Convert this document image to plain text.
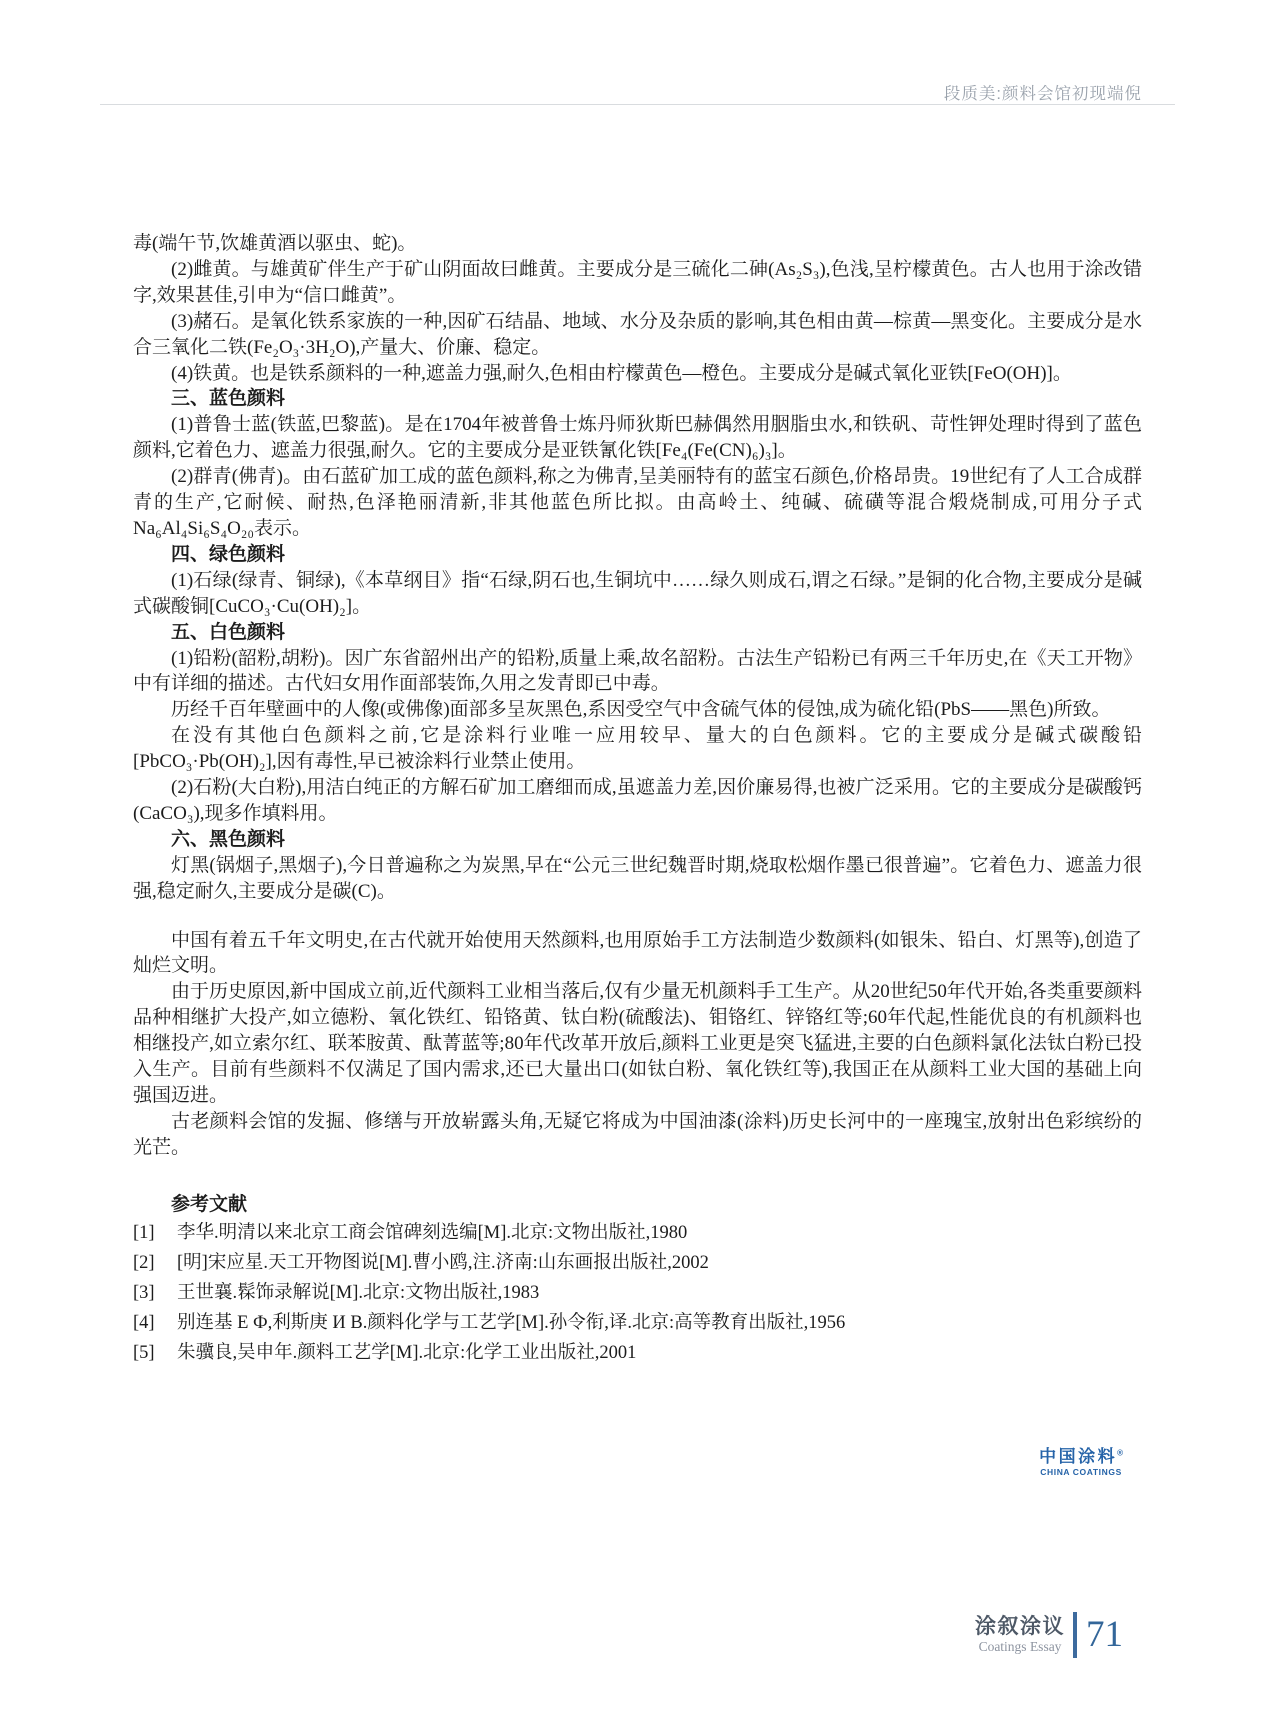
段质美:颜料会馆初现端倪

毒(端午节,饮雄黄酒以驱虫、蛇)。

(2)雌黄。与雄黄矿伴生产于矿山阴面故曰雌黄。主要成分是三硫化二砷(As₂S₃),色浅,呈柠檬黄色。古人也用于涂改错字,效果甚佳,引申为“信口雌黄”。

(3)赭石。是氧化铁系家族的一种,因矿石结晶、地域、水分及杂质的影响,其色相由黄—棕黄—黑变化。主要成分是水合三氧化二铁(Fe₂O₃·3H₂O),产量大、价廉、稳定。

(4)铁黄。也是铁系颜料的一种,遮盖力强,耐久,色相由柠檬黄色—橙色。主要成分是碱式氧化亚铁[FeO(OH)]。

三、蓝色颜料

(1)普鲁士蓝(铁蓝,巴黎蓝)。是在1704年被普鲁士炼丹师狄斯巴赫偶然用胭脂虫水,和铁矾、苛性钾处理时得到了蓝色颜料,它着色力、遮盖力很强,耐久。它的主要成分是亚铁氰化铁[Fe₄(Fe(CN)₆)₃]。

(2)群青(佛青)。由石蓝矿加工成的蓝色颜料,称之为佛青,呈美丽特有的蓝宝石颜色,价格昂贵。19世纪有了人工合成群青的生产,它耐候、耐热,色泽艳丽清新,非其他蓝色所比拟。由高岭土、纯碱、硫磺等混合煅烧制成,可用分子式Na₆Al₄Si₆S₄O₂₀表示。

四、绿色颜料

(1)石绿(绿青、铜绿),《本草纲目》指“石绿,阴石也,生铜坑中……绿久则成石,谓之石绿。”是铜的化合物,主要成分是碱式碳酸铜[CuCO₃·Cu(OH)₂]。

五、白色颜料

(1)铅粉(韶粉,胡粉)。因广东省韶州出产的铅粉,质量上乘,故名韶粉。古法生产铅粉已有两三千年历史,在《天工开物》中有详细的描述。古代妇女用作面部装饰,久用之发青即已中毒。

历经千百年壁画中的人像(或佛像)面部多呈灰黑色,系因受空气中含硫气体的侵蚀,成为硫化铅(PbS——黑色)所致。

在没有其他白色颜料之前,它是涂料行业唯一应用较早、量大的白色颜料。它的主要成分是碱式碳酸铅[PbCO₃·Pb(OH)₂],因有毒性,早已被涂料行业禁止使用。

(2)石粉(大白粉),用洁白纯正的方解石矿加工磨细而成,虽遮盖力差,因价廉易得,也被广泛采用。它的主要成分是碳酸钙(CaCO₃),现多作填料用。

六、黑色颜料

灯黑(锅烟子,黑烟子),今日普遍称之为炭黑,早在“公元三世纪魏晋时期,烧取松烟作墨已很普遍”。它着色力、遮盖力很强,稳定耐久,主要成分是碳(C)。

中国有着五千年文明史,在古代就开始使用天然颜料,也用原始手工方法制造少数颜料(如银朱、铅白、灯黑等),创造了灿烂文明。

由于历史原因,新中国成立前,近代颜料工业相当落后,仅有少量无机颜料手工生产。从20世纪50年代开始,各类重要颜料品种相继扩大投产,如立德粉、氧化铁红、铅铬黄、钛白粉(硫酸法)、钼铬红、锌铬红等;60年代起,性能优良的有机颜料也相继投产,如立索尔红、联苯胺黄、酞菁蓝等;80年代改革开放后,颜料工业更是突飞猛进,主要的白色颜料氯化法钛白粉已投入生产。目前有些颜料不仅满足了国内需求,还已大量出口(如钛白粉、氧化铁红等),我国正在从颜料工业大国的基础上向强国迈进。

古老颜料会馆的发掘、修缮与开放崭露头角,无疑它将成为中国油漆(涂料)历史长河中的一座瑰宝,放射出色彩缤纷的光芒。

参考文献

[1]	李华.明清以来北京工商会馆碑刻选编[M].北京:文物出版社,1980
[2]	[明]宋应星.天工开物图说[M].曹小鸥,注.济南:山东画报出版社,2002
[3]	王世襄.髹饰录解说[M].北京:文物出版社,1983
[4]	别连基 Е Ф,利斯庚 И В.颜料化学与工艺学[M].孙令衔,译.北京:高等教育出版社,1956
[5]	朱骥良,吴申年.颜料工艺学[M].北京:化学工业出版社,2001
中国涂料®
CHINA COATINGS
涂叙涂议
Coatings Essay 71
